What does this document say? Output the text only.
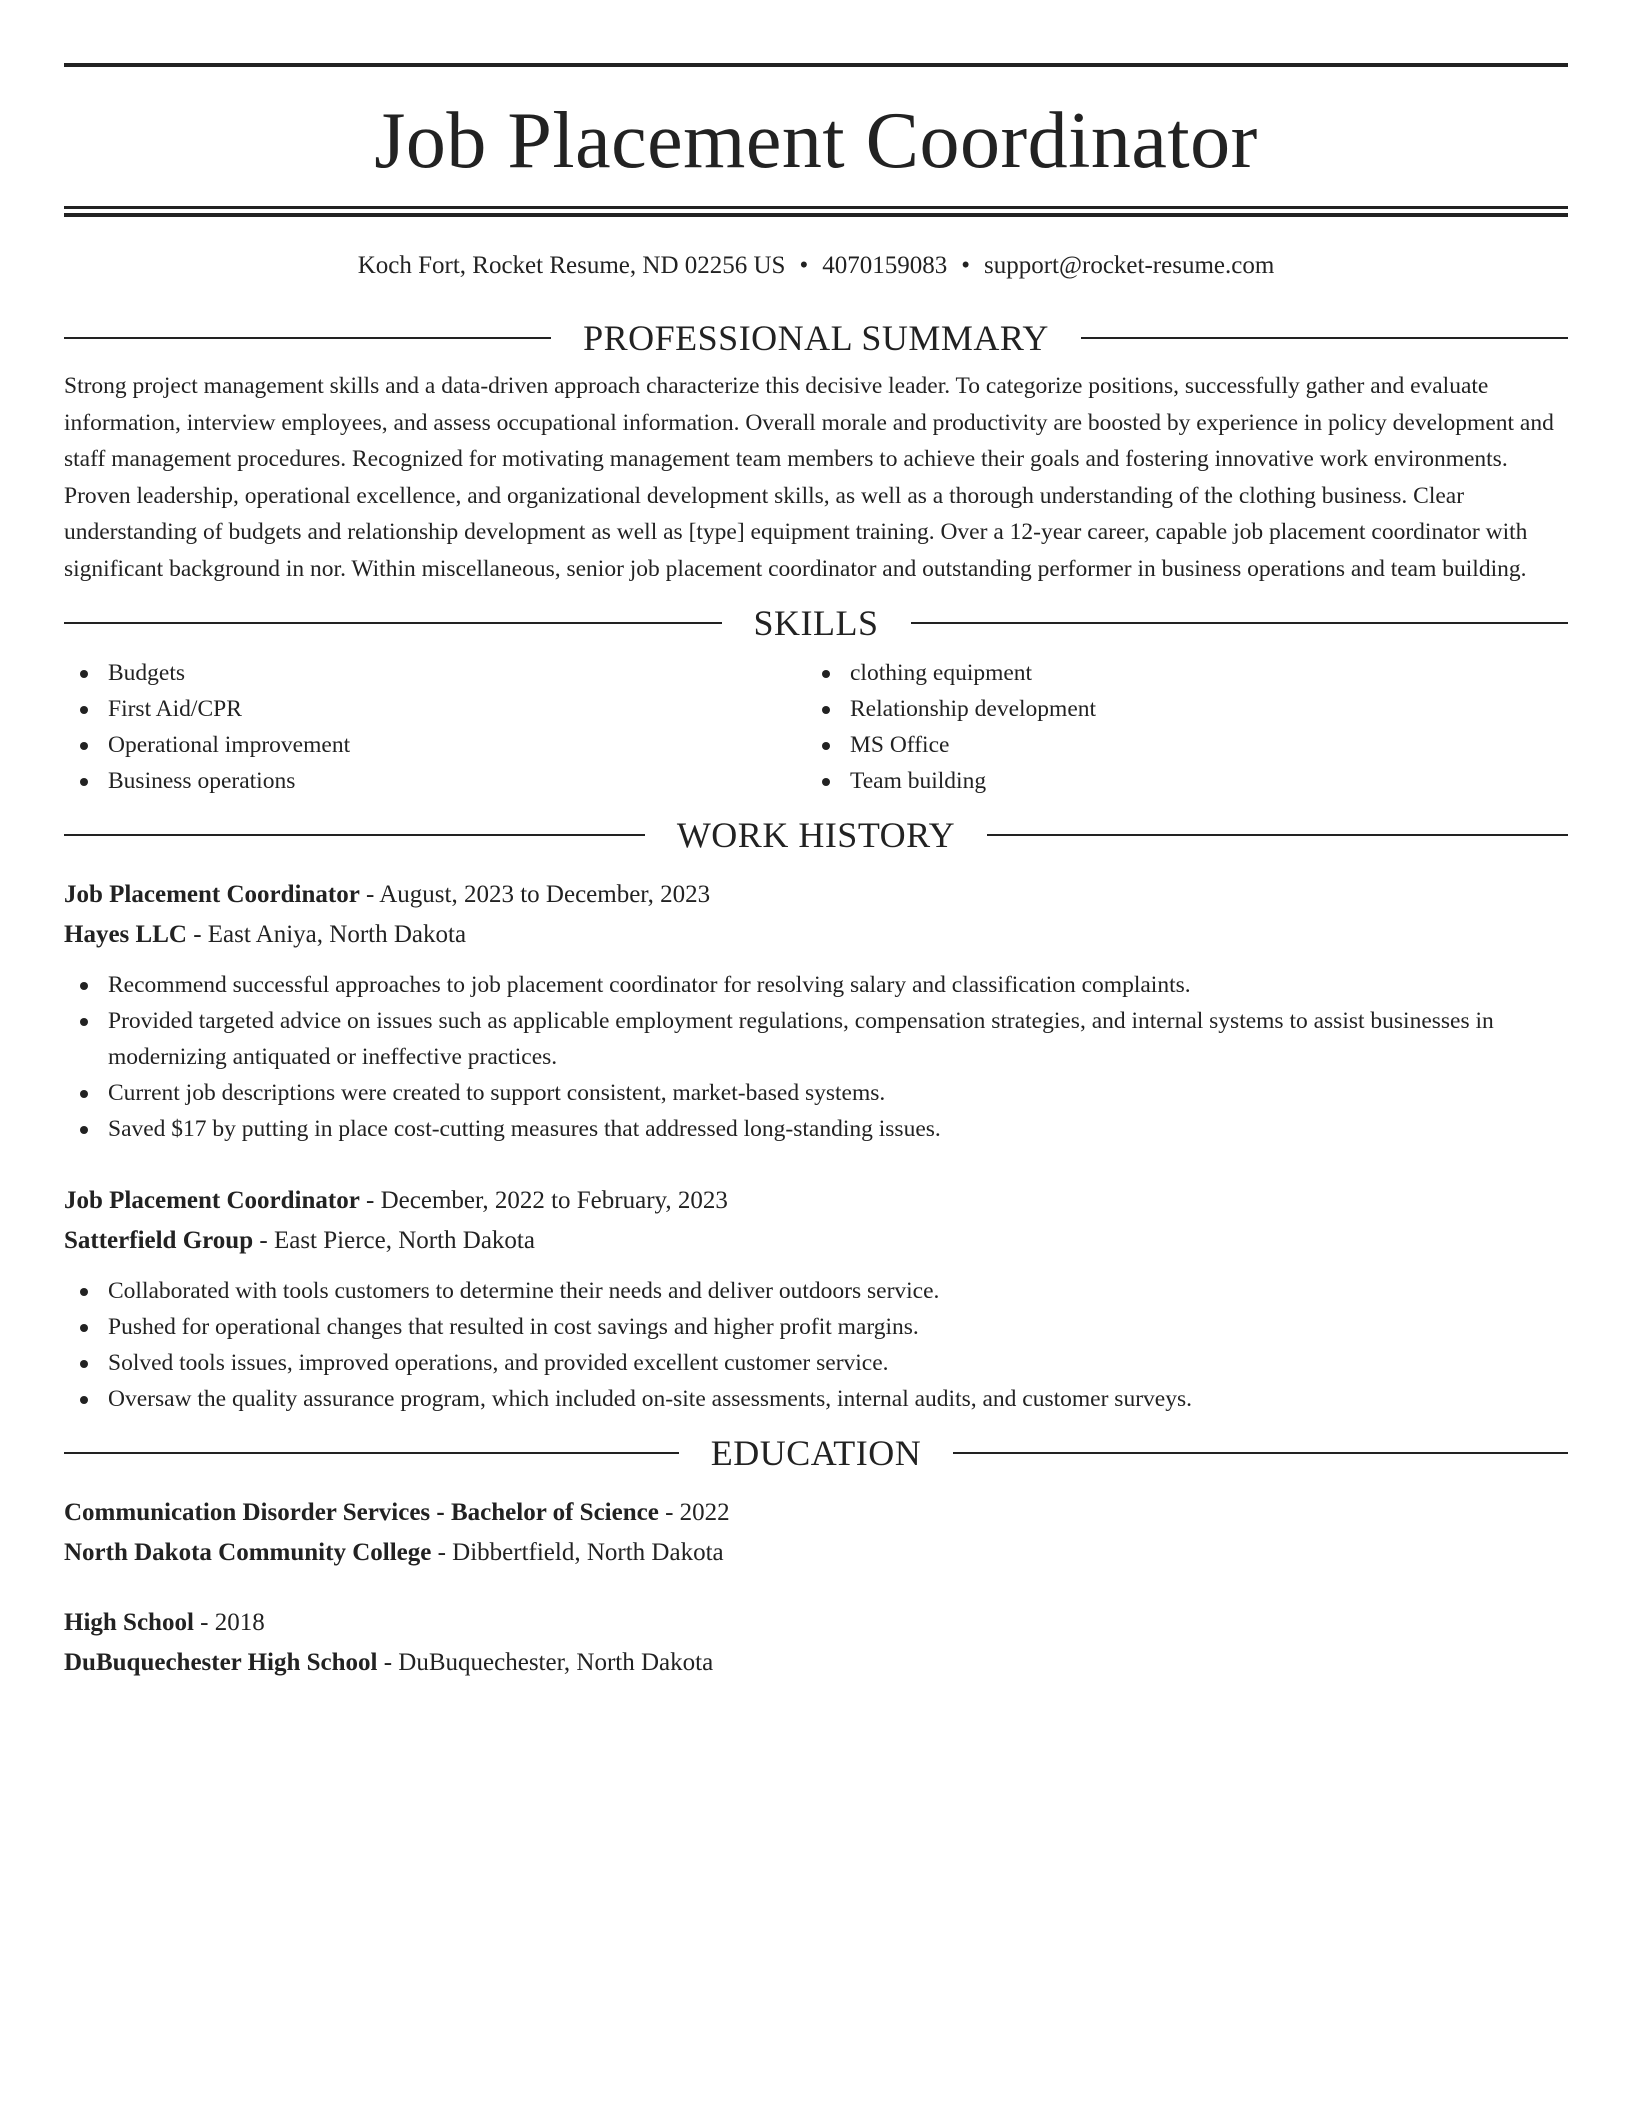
Job Placement Coordinator
Koch Fort, Rocket Resume, ND 02256 US • 4070159083 • support@rocket-resume.com
PROFESSIONAL SUMMARY

Strong project management skills and a data-driven approach characterize this decisive leader. To categorize positions, successfully gather and evaluate information, interview employees, and assess occupational information. Overall morale and productivity are boosted by experience in policy development and staff management procedures. Recognized for motivating management team members to achieve their goals and fostering innovative work environments. Proven leadership, operational excellence, and organizational development skills, as well as a thorough understanding of the clothing business. Clear understanding of budgets and relationship development as well as [type] equipment training. Over a 12-year career, capable job placement coordinator with significant background in nor. Within miscellaneous, senior job placement coordinator and outstanding performer in business operations and team building.

SKILLS
Budgets
First Aid/CPR
Operational improvement
Business operations
clothing equipment
Relationship development
MS Office
Team building
WORK HISTORY
Job Placement Coordinator - August, 2023 to December, 2023
Hayes LLC - East Aniya, North Dakota
Recommend successful approaches to job placement coordinator for resolving salary and classification complaints.
Provided targeted advice on issues such as applicable employment regulations, compensation strategies, and internal systems to assist businesses in modernizing antiquated or ineffective practices.
Current job descriptions were created to support consistent, market-based systems.
Saved $17 by putting in place cost-cutting measures that addressed long-standing issues.
Job Placement Coordinator - December, 2022 to February, 2023
Satterfield Group - East Pierce, North Dakota
Collaborated with tools customers to determine their needs and deliver outdoors service.
Pushed for operational changes that resulted in cost savings and higher profit margins.
Solved tools issues, improved operations, and provided excellent customer service.
Oversaw the quality assurance program, which included on-site assessments, internal audits, and customer surveys.
EDUCATION
Communication Disorder Services - Bachelor of Science - 2022
North Dakota Community College - Dibbertfield, North Dakota
High School - 2018
DuBuquechester High School - DuBuquechester, North Dakota
